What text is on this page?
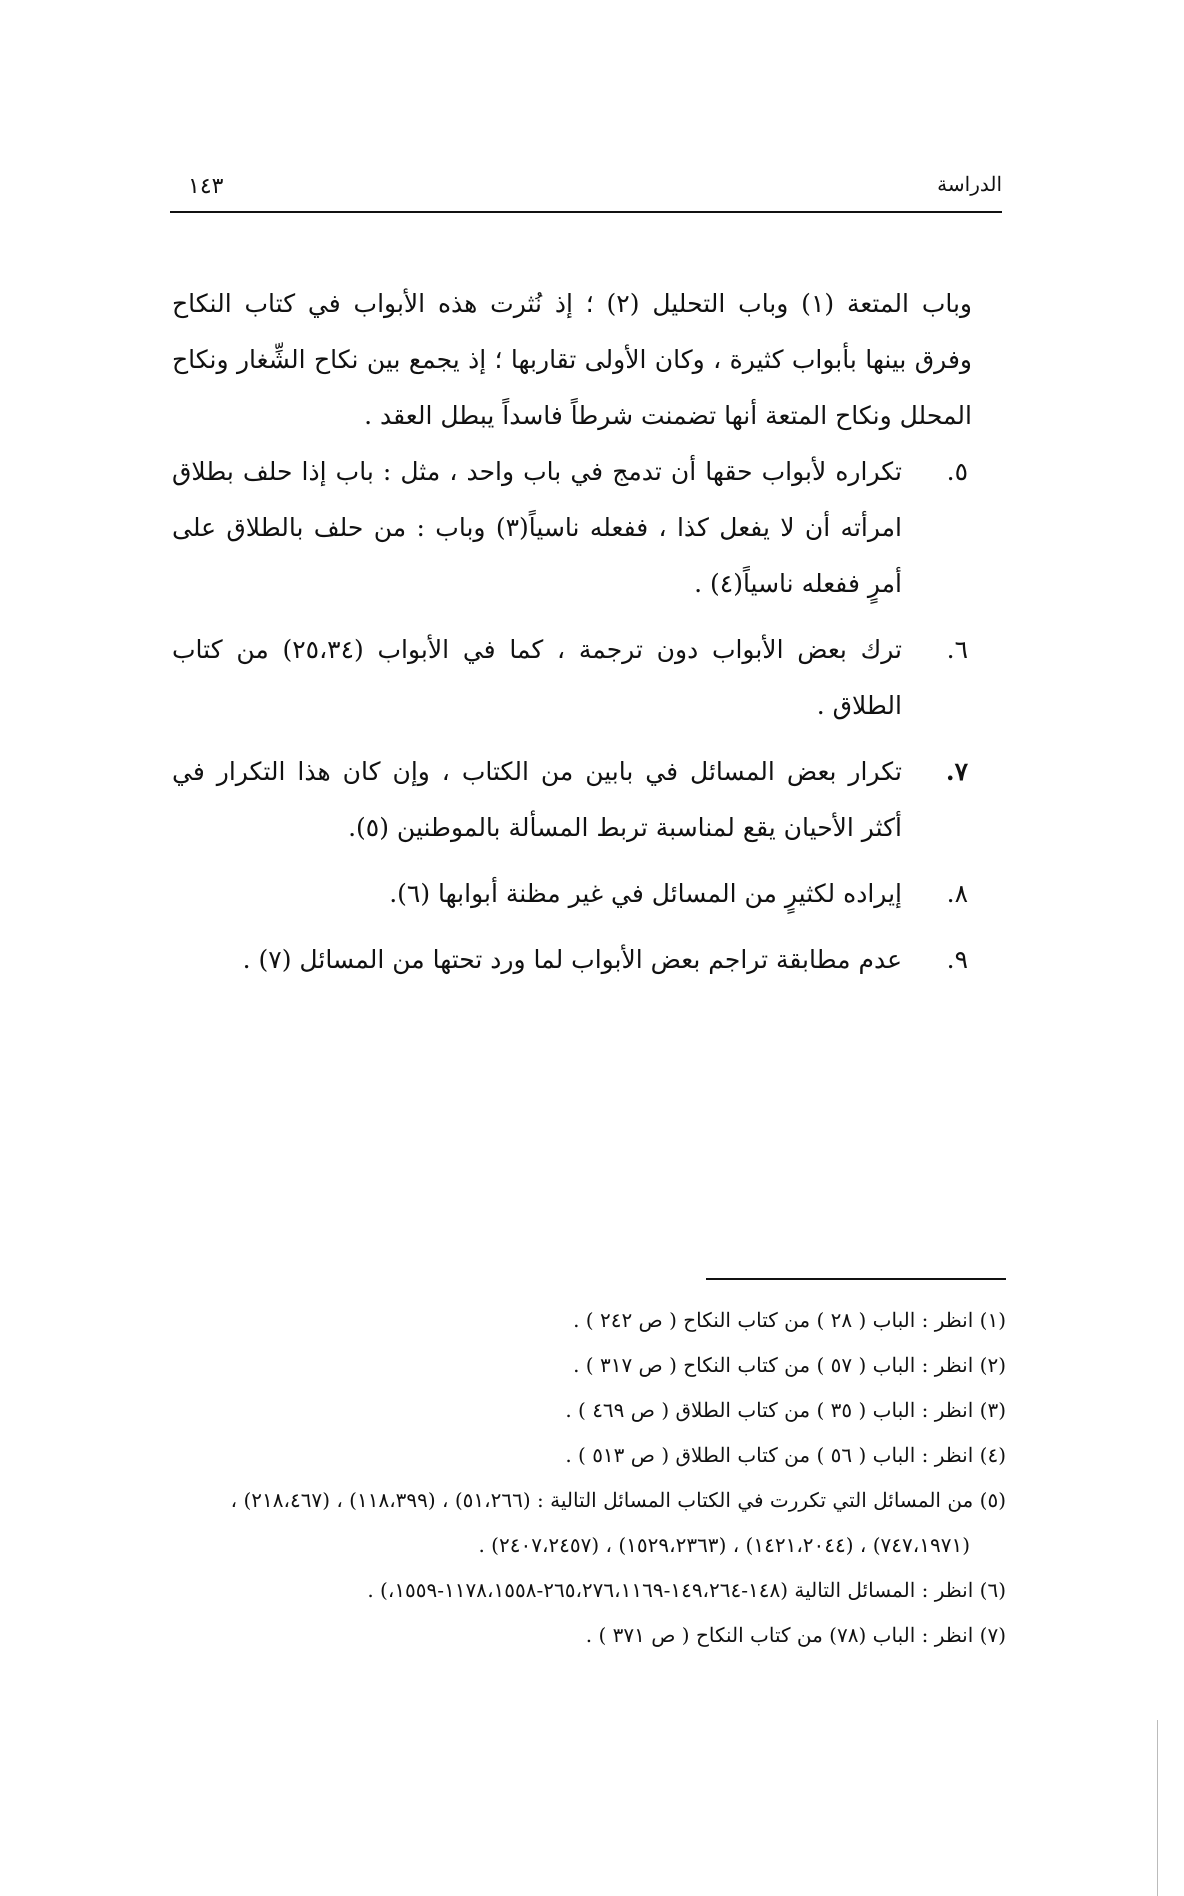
الدراسة
١٤٣

وباب المتعة (١) وباب التحليل (٢) ؛ إذ نُثرت هذه الأبواب في كتاب النكاح وفرق بينها بأبواب كثيرة ، وكان الأولى تقاربها ؛ إذ يجمع بين نكاح الشِّغار ونكاح المحلل ونكاح المتعة أنها تضمنت شرطاً فاسداً يبطل العقد .

٥.
تكراره لأبواب حقها أن تدمج في باب واحد ، مثل : باب إذا حلف بطلاق امرأته أن لا يفعل كذا ، ففعله ناسياً(٣) وباب : من حلف بالطلاق على أمرٍ ففعله ناسياً(٤) .
٦.
ترك بعض الأبواب دون ترجمة ، كما في الأبواب (٢٥،٣٤) من كتاب الطلاق .
٧.
تكرار بعض المسائل في بابين من الكتاب ، وإن كان هذا التكرار في أكثر الأحيان يقع لمناسبة تربط المسألة بالموطنين (٥).
٨.
إيراده لكثيرٍ من المسائل في غير مظنة أبوابها (٦).
٩.
عدم مطابقة تراجم بعض الأبواب لما ورد تحتها من المسائل (٧) .

(١) انظر : الباب ( ٢٨ ) من كتاب النكاح ( ص ٢٤٢ ) .

(٢) انظر : الباب ( ٥٧ ) من كتاب النكاح ( ص ٣١٧ ) .

(٣) انظر : الباب ( ٣٥ ) من كتاب الطلاق ( ص ٤٦٩ ) .

(٤) انظر : الباب ( ٥٦ ) من كتاب الطلاق ( ص ٥١٣ ) .

(٥) من المسائل التي تكررت في الكتاب المسائل التالية : (٥١،٢٦٦) ، (١١٨،٣٩٩) ، (٢١٨،٤٦٧) ،

(٧٤٧،١٩٧١) ، (١٤٢١،٢٠٤٤) ، (١٥٢٩،٢٣٦٣) ، (٢٤٠٧،٢٤٥٧) .

(٦) انظر : المسائل التالية (١٤٨-١٤٩،٢٦٤-٢٦٥،٢٧٦،١١٦٩-١١٧٨،١٥٥٨-١٥٥٩،) .

(٧) انظر : الباب (٧٨) من كتاب النكاح ( ص ٣٧١ ) .
